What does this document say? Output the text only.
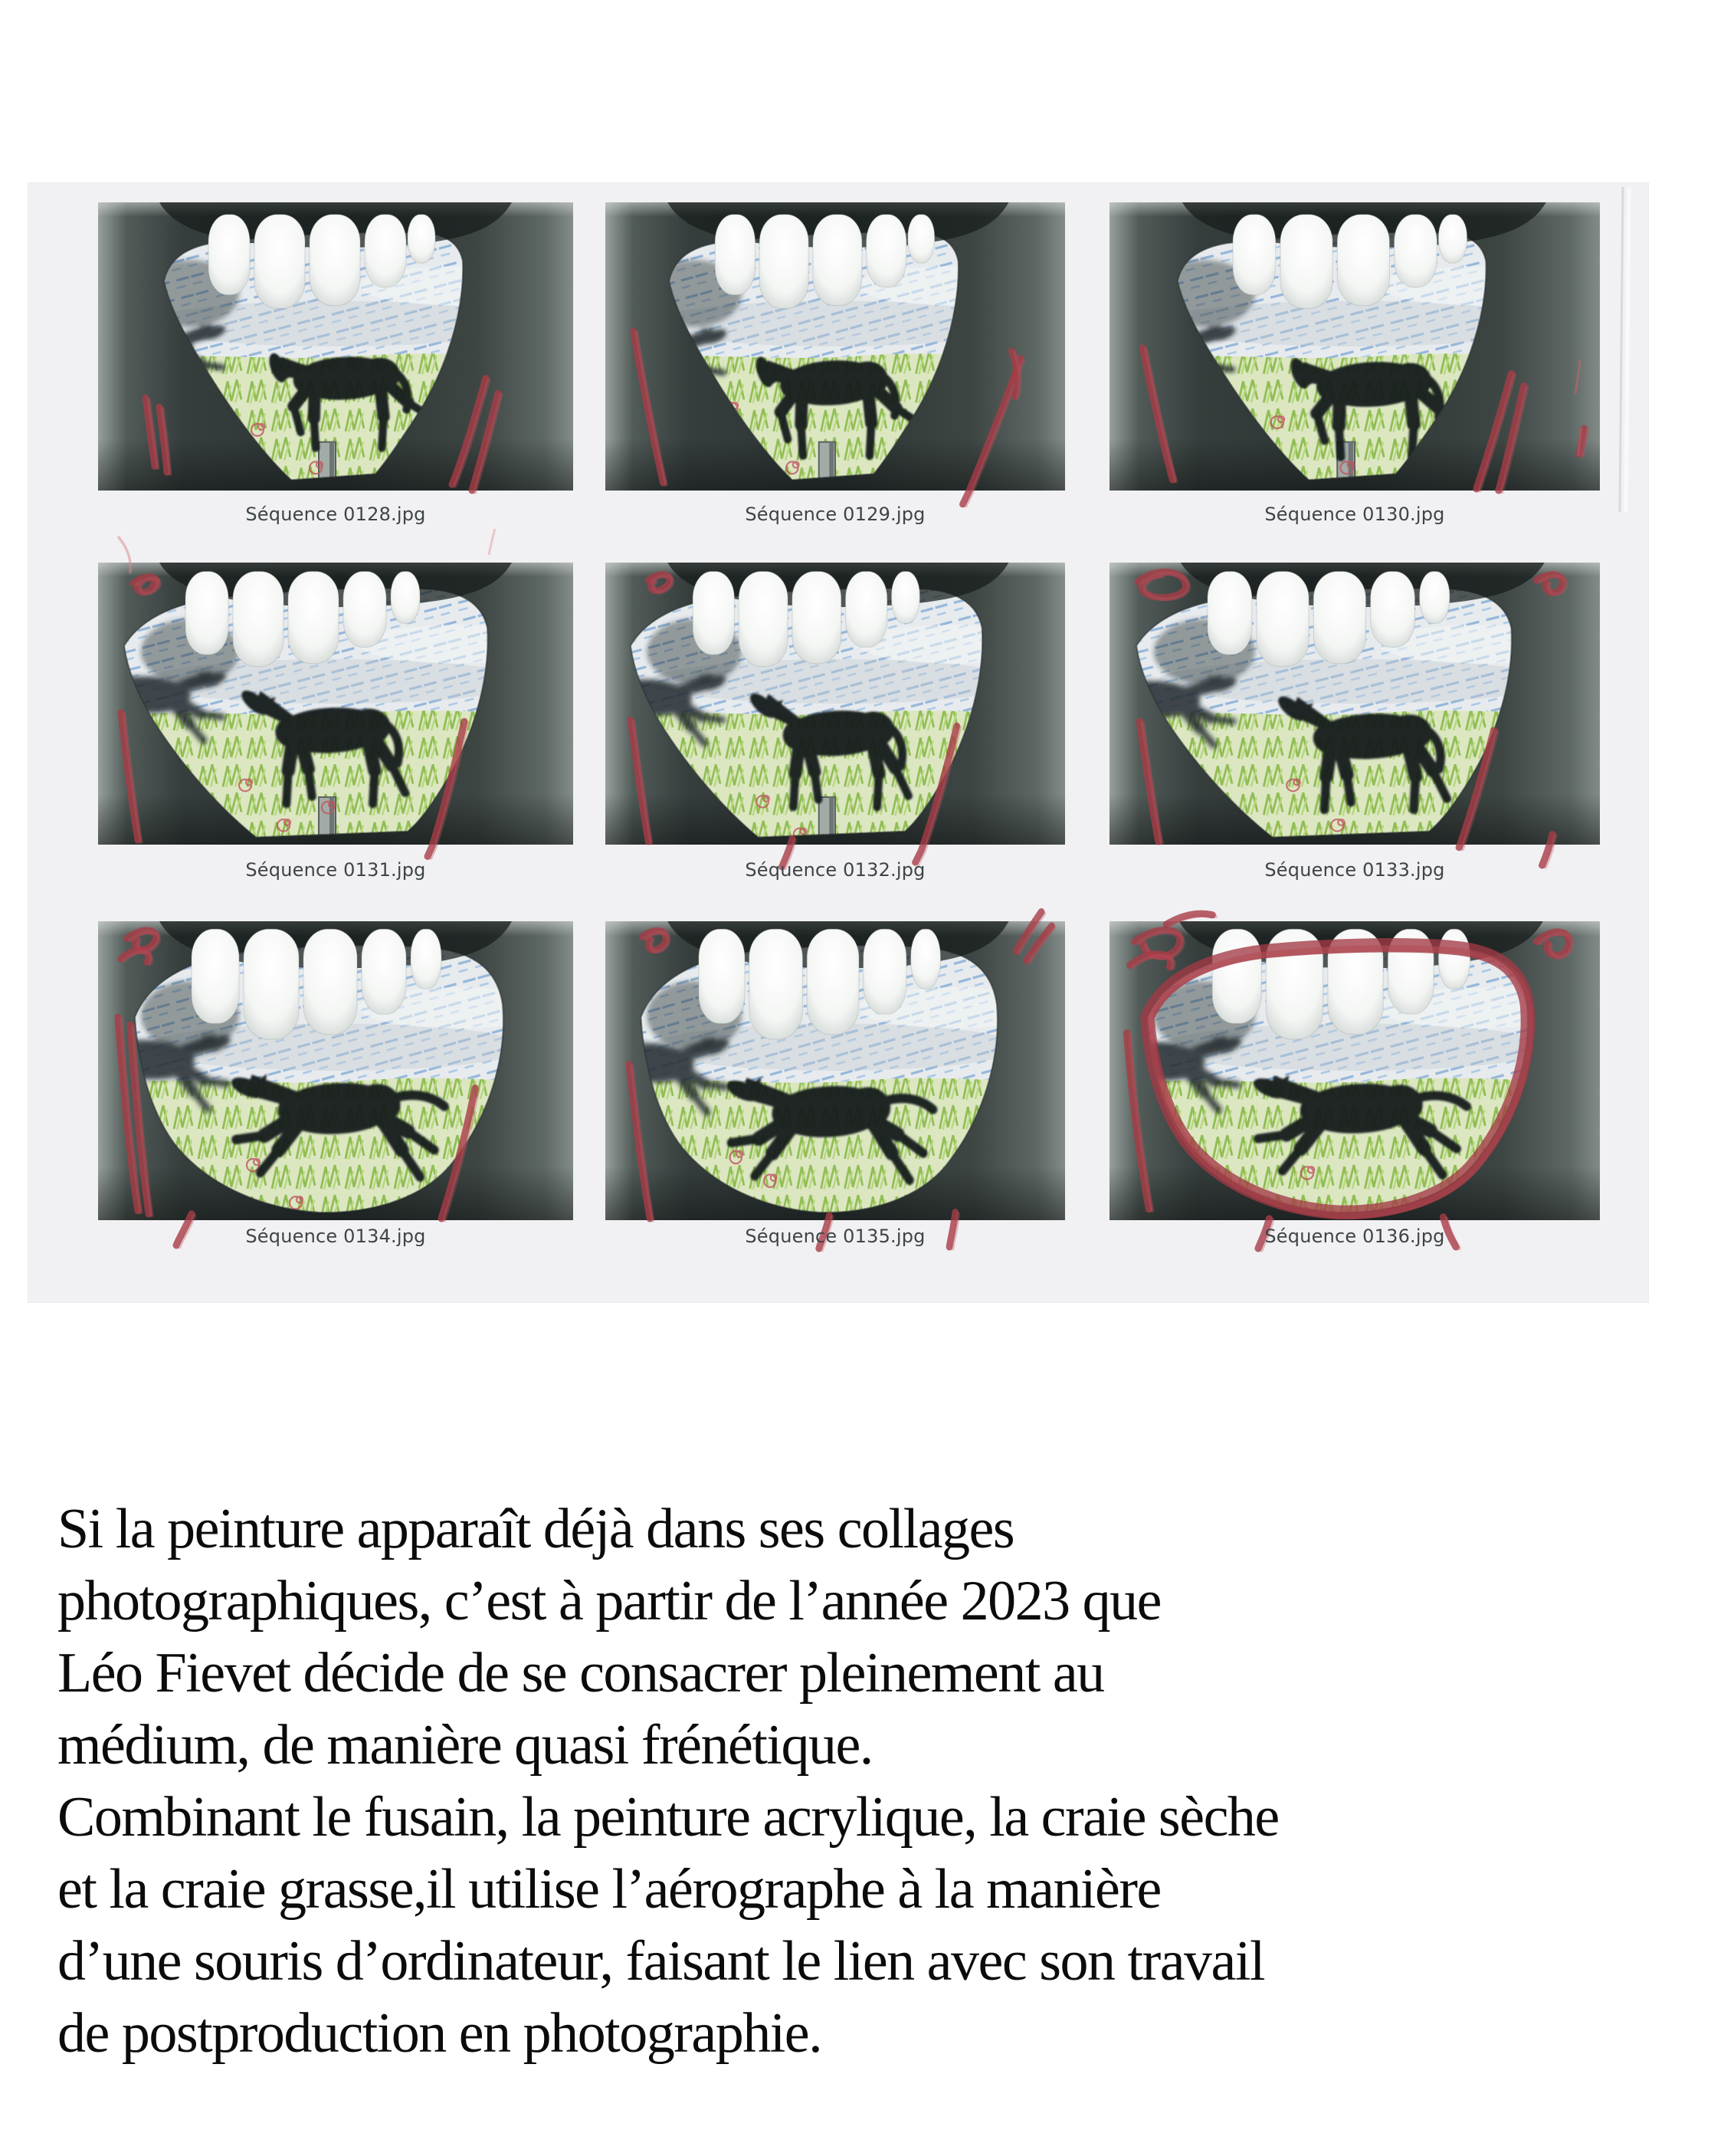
Séquence 0128.jpg	Séquence 0129.jpg	Séquence 0130.jpg
Séquence 0131.jpg	Séquence 0132.jpg	Séquence 0133.jpg
Séquence 0134.jpg	Séquence 0135.jpg	Séquence 0136.jpg
Si la peinture apparaît déjà dans ses collages
photographiques, c’est à partir de l’année 2023 que
Léo Fievet décide de se consacrer pleinement au
médium, de manière quasi frénétique.
Combinant le fusain, la peinture acrylique, la craie sèche
et la craie grasse,il utilise l’aérographe à la manière
d’une souris d’ordinateur, faisant le lien avec son travail
de postproduction en photographie.
